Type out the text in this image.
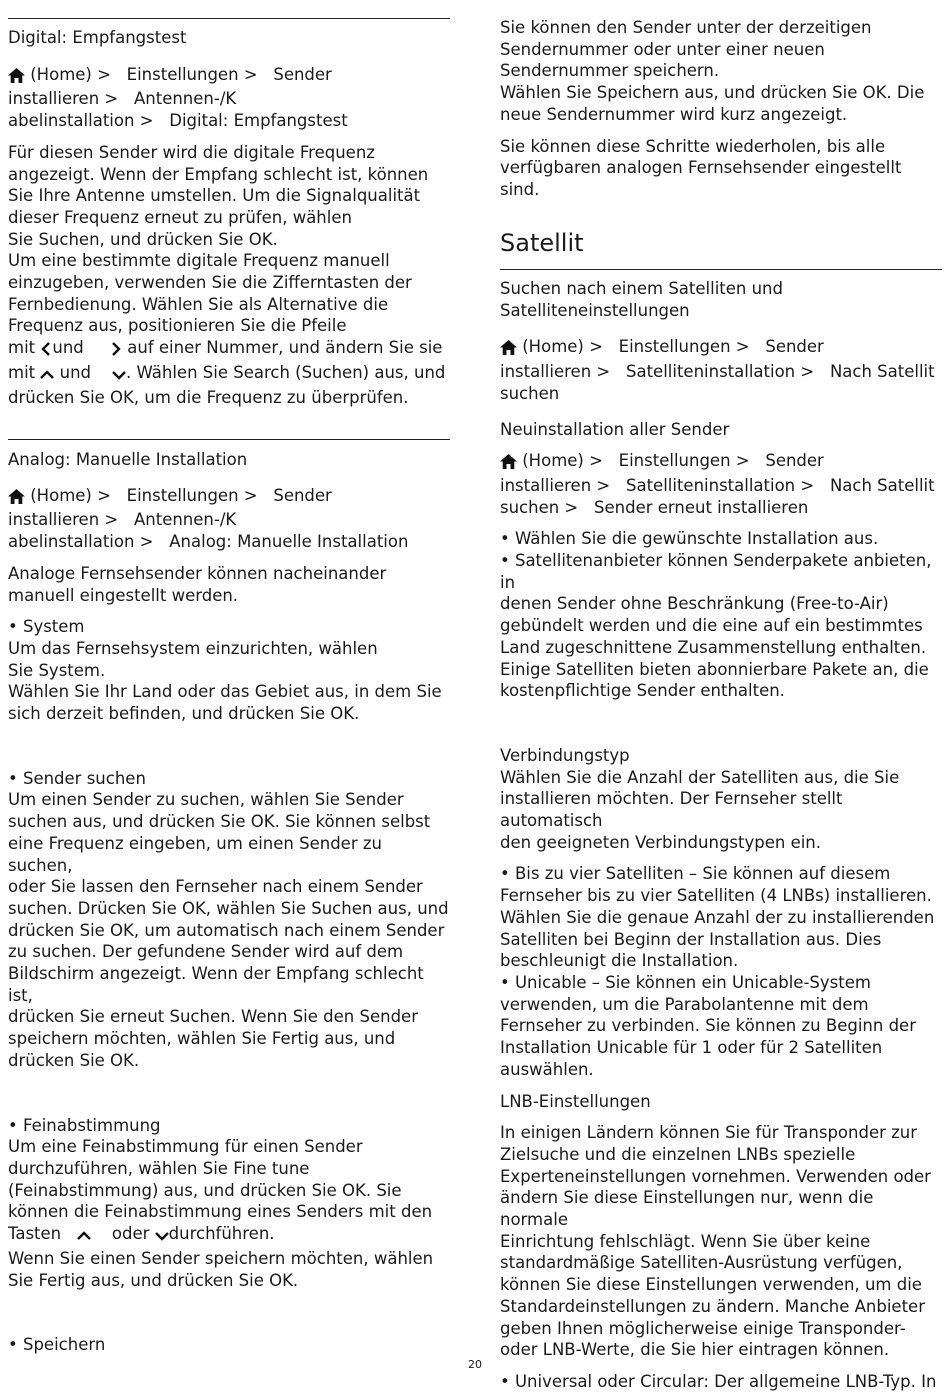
Digital: Empfangstest

(Home) > Einstellungen > Sender
installieren > Antennen-/K
abelinstallation > Digital: Empfangstest

Für diesen Sender wird die digitale Frequenz
angezeigt. Wenn der Empfang schlecht ist, können
Sie Ihre Antenne umstellen. Um die Signalqualität
dieser Frequenz erneut zu prüfen, wählen
Sie Suchen, und drücken Sie OK.
Um eine bestimmte digitale Frequenz manuell
einzugeben, verwenden Sie die Zifferntasten der
Fernbedienung. Wählen Sie als Alternative die
Frequenz aus, positionieren Sie die Pfeile
mit und	auf einer Nummer, und ändern Sie sie
mit und . Wählen Sie Search (Suchen) aus, und
drücken Sie OK, um die Frequenz zu überprüfen.

Analog: Manuelle Installation

(Home) > Einstellungen > Sender
installieren > Antennen-/K
abelinstallation > Analog: Manuelle Installation

Analoge Fernsehsender können nacheinander
manuell eingestellt werden.

• System
Um das Fernsehsystem einzurichten, wählen
Sie System.
Wählen Sie Ihr Land oder das Gebiet aus, in dem Sie
sich derzeit befinden, und drücken Sie OK.

• Sender suchen
Um einen Sender zu suchen, wählen Sie Sender
suchen aus, und drücken Sie OK. Sie können selbst
eine Frequenz eingeben, um einen Sender zu suchen,
oder Sie lassen den Fernseher nach einem Sender
suchen. Drücken Sie OK, wählen Sie Suchen aus, und
drücken Sie OK, um automatisch nach einem Sender
zu suchen. Der gefundene Sender wird auf dem
Bildschirm angezeigt. Wenn der Empfang schlecht ist,
drücken Sie erneut Suchen. Wenn Sie den Sender
speichern möchten, wählen Sie Fertig aus, und
drücken Sie OK.

• Feinabstimmung
Um eine Feinabstimmung für einen Sender
durchzuführen, wählen Sie Fine tune
(Feinabstimmung) aus, und drücken Sie OK. Sie
können die Feinabstimmung eines Senders mit den
Tasten	oder durchführen.
Wenn Sie einen Sender speichern möchten, wählen
Sie Fertig aus, und drücken Sie OK.

• Speichern

Sie können den Sender unter der derzeitigen
Sendernummer oder unter einer neuen
Sendernummer speichern.
Wählen Sie Speichern aus, und drücken Sie OK. Die
neue Sendernummer wird kurz angezeigt.

Sie können diese Schritte wiederholen, bis alle
verfügbaren analogen Fernsehsender eingestellt sind.

Satellit

Suchen nach einem Satelliten und
Satelliteneinstellungen

(Home) > Einstellungen > Sender
installieren > Satelliteninstallation > Nach Satellit
suchen

Neuinstallation aller Sender

(Home) > Einstellungen > Sender
installieren > Satelliteninstallation > Nach Satellit
suchen > Sender erneut installieren

• Wählen Sie die gewünschte Installation aus.
• Satellitenanbieter können Senderpakete anbieten, in
denen Sender ohne Beschränkung (Free-to-Air)
gebündelt werden und die eine auf ein bestimmtes
Land zugeschnittene Zusammenstellung enthalten.
Einige Satelliten bieten abonnierbare Pakete an, die
kostenpflichtige Sender enthalten.

Verbindungstyp
Wählen Sie die Anzahl der Satelliten aus, die Sie
installieren möchten. Der Fernseher stellt automatisch
den geeigneten Verbindungstypen ein.

• Bis zu vier Satelliten – Sie können auf diesem
Fernseher bis zu vier Satelliten (4 LNBs) installieren.
Wählen Sie die genaue Anzahl der zu installierenden
Satelliten bei Beginn der Installation aus. Dies
beschleunigt die Installation.
• Unicable – Sie können ein Unicable-System
verwenden, um die Parabolantenne mit dem
Fernseher zu verbinden. Sie können zu Beginn der
Installation Unicable für 1 oder für 2 Satelliten
auswählen.

LNB-Einstellungen

In einigen Ländern können Sie für Transponder zur
Zielsuche und die einzelnen LNBs spezielle
Experteneinstellungen vornehmen. Verwenden oder
ändern Sie diese Einstellungen nur, wenn die normale
Einrichtung fehlschlägt. Wenn Sie über keine
standardmäßige Satelliten-Ausrüstung verfügen,
können Sie diese Einstellungen verwenden, um die
Standardeinstellungen zu ändern. Manche Anbieter
geben Ihnen möglicherweise einige Transponder-
oder LNB-Werte, die Sie hier eintragen können.

• Universal oder Circular: Der allgemeine LNB-Typ. In

20
